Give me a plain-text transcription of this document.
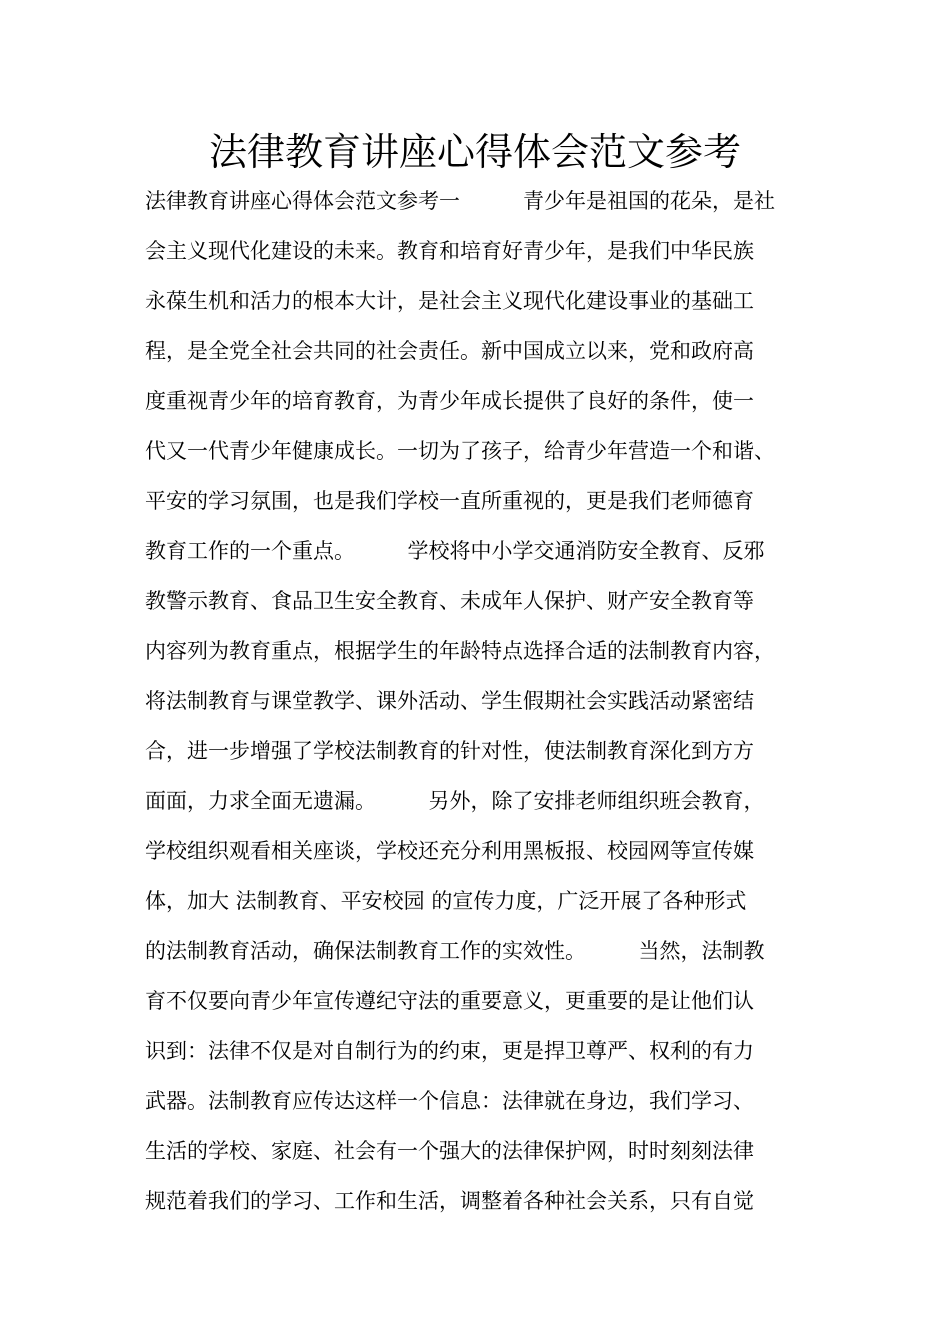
法律教育讲座心得体会范文参考
法律教育讲座心得体会范文参考一　　　青少年是祖国的花朵，是社
会主义现代化建设的未来。教育和培育好青少年，是我们中华民族
永葆生机和活力的根本大计，是社会主义现代化建设事业的基础工
程，是全党全社会共同的社会责任。新中国成立以来，党和政府高
度重视青少年的培育教育，为青少年成长提供了良好的条件，使一
代又一代青少年健康成长。一切为了孩子，给青少年营造一个和谐、
平安的学习氛围，也是我们学校一直所重视的，更是我们老师德育
教育工作的一个重点。　　　学校将中小学交通消防安全教育、反邪
教警示教育、食品卫生安全教育、未成年人保护、财产安全教育等
内容列为教育重点，根据学生的年龄特点选择合适的法制教育内容，
将法制教育与课堂教学、课外活动、学生假期社会实践活动紧密结
合，进一步增强了学校法制教育的针对性，使法制教育深化到方方
面面，力求全面无遗漏。　　　另外，除了安排老师组织班会教育，
学校组织观看相关座谈，学校还充分利用黑板报、校园网等宣传媒
体，加大 法制教育、平安校园 的宣传力度，广泛开展了各种形式
的法制教育活动，确保法制教育工作的实效性。　　　当然，法制教
育不仅要向青少年宣传遵纪守法的重要意义，更重要的是让他们认
识到：法律不仅是对自制行为的约束，更是捍卫尊严、权利的有力
武器。法制教育应传达这样一个信息：法律就在身边，我们学习、
生活的学校、家庭、社会有一个强大的法律保护网，时时刻刻法律
规范着我们的学习、工作和生活，调整着各种社会关系，只有自觉
